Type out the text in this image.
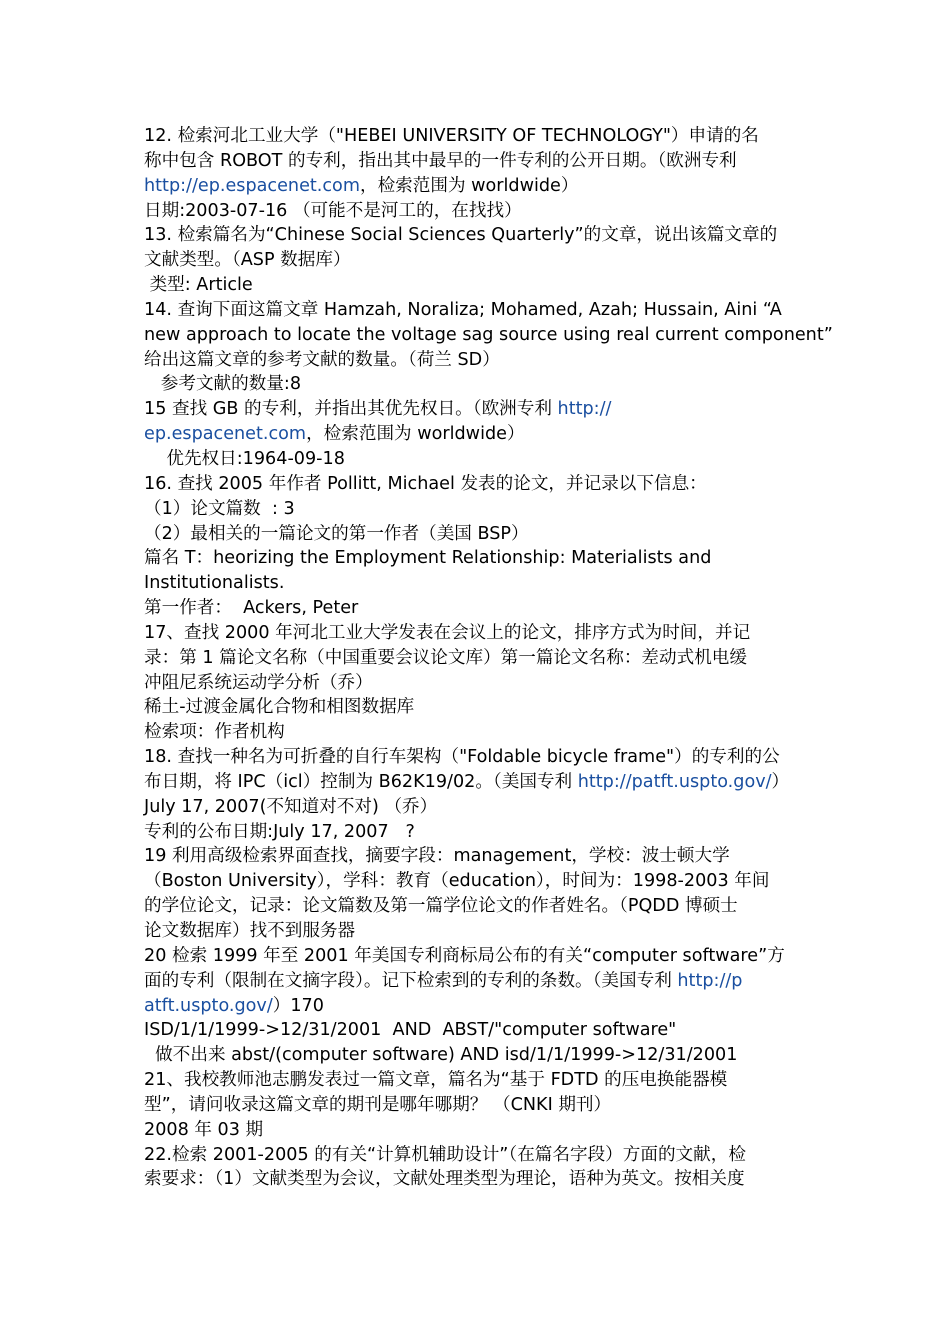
12. 检索河北工业大学（"HEBEI UNIVERSITY OF TECHNOLOGY"）申请的名
称中包含 ROBOT 的专利，指出其中最早的一件专利的公开日期。（欧洲专利
http://ep.espacenet.com，检索范围为 worldwide）
日期:2003-07-16 （可能不是河工的，在找找）
13. 检索篇名为“Chinese Social Sciences Quarterly”的文章，说出该篇文章的
文献类型。（ASP 数据库）
类型: Article
14. 查询下面这篇文章 Hamzah, Noraliza; Mohamed, Azah; Hussain, Aini “A
new approach to locate the voltage sag source using real current component”
给出这篇文章的参考文献的数量。（荷兰 SD）
参考文献的数量:8
15 查找 GB 的专利，并指出其优先权日。（欧洲专利 http://
ep.espacenet.com，检索范围为 worldwide）
优先权日:1964-09-18
16. 查找 2005 年作者 Pollitt, Michael 发表的论文，并记录以下信息：
（1）论文篇数  : 3
（2）最相关的一篇论文的第一作者（美国 BSP）
篇名 T：heorizing the Employment Relationship: Materialists and
Institutionalists.
第一作者：  Ackers, Peter
17、查找 2000 年河北工业大学发表在会议上的论文，排序方式为时间，并记
录：第 1 篇论文名称（中国重要会议论文库）第一篇论文名称：差动式机电缓
冲阻尼系统运动学分析（乔）
稀土-过渡金属化合物和相图数据库
检索项：作者机构
18. 查找一种名为可折叠的自行车架构（"Foldable bicycle frame"）的专利的公
布日期，将 IPC（icl）控制为 B62K19/02。（美国专利 http://patft.uspto.gov/）
July 17, 2007(不知道对不对) （乔）
专利的公布日期:July 17, 2007   ?
19 利用高级检索界面查找，摘要字段：management，学校：波士顿大学
（Boston University），学科：教育（education），时间为：1998-2003 年间
的学位论文，记录：论文篇数及第一篇学位论文的作者姓名。（PQDD 博硕士
论文数据库）找不到服务器
20 检索 1999 年至 2001 年美国专利商标局公布的有关“computer software”方
面的专利（限制在文摘字段）。记下检索到的专利的条数。（美国专利 http://p
atft.uspto.gov/）170
ISD/1/1/1999->12/31/2001  AND  ABST/"computer software"
做不出来 abst/(computer software) AND isd/1/1/1999->12/31/2001
21、我校教师池志鹏发表过一篇文章，篇名为“基于 FDTD 的压电换能器模
型”，请问收录这篇文章的期刊是哪年哪期？ （CNKI 期刊）
2008 年 03 期
22.检索 2001-2005 的有关“计算机辅助设计”（在篇名字段）方面的文献，检
索要求：（1）文献类型为会议，文献处理类型为理论，语种为英文。按相关度
